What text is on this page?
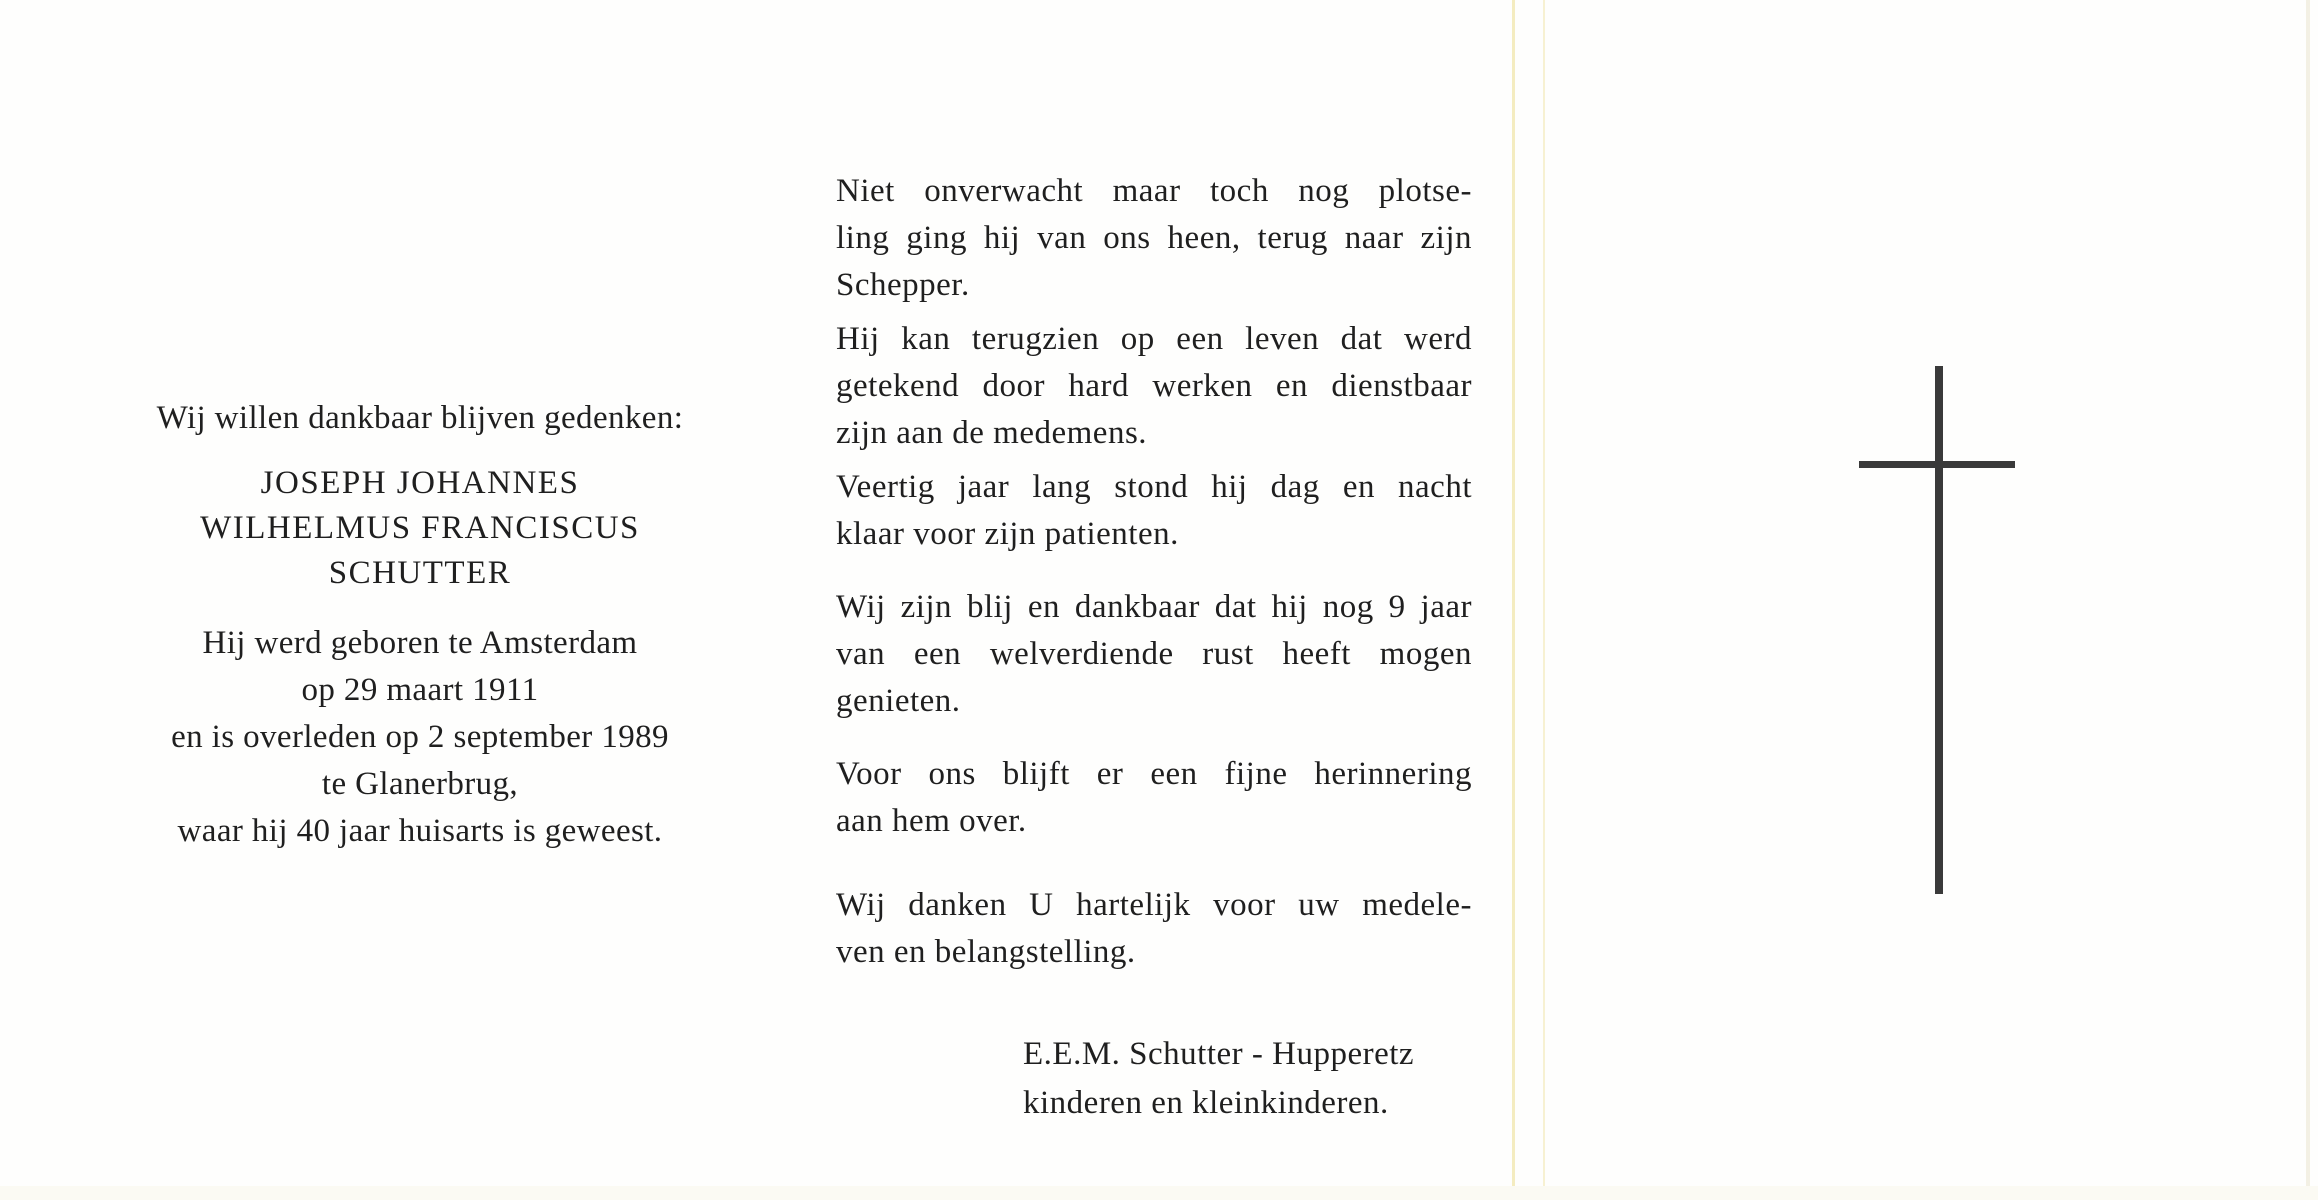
Wij willen dankbaar blijven gedenken:

JOSEPH JOHANNES

WILHELMUS FRANCISCUS

SCHUTTER

Hij werd geboren te Amsterdam

op 29 maart 1911

en is overleden op 2 september 1989

te Glanerbrug,

waar hij 40 jaar huisarts is geweest.

Niet onverwacht maar toch nog plotse-
ling ging hij van ons heen, terug naar zijn
Schepper.
Hij kan terugzien op een leven dat werd
getekend door hard werken en dienstbaar
zijn aan de medemens.
Veertig jaar lang stond hij dag en nacht
klaar voor zijn patienten.
Wij zijn blij en dankbaar dat hij nog 9 jaar
van een welverdiende rust heeft mogen
genieten.
Voor ons blijft er een fijne herinnering
aan hem over.
Wij danken U hartelijk voor uw medele-
ven en belangstelling.
E.E.M. Schutter - Hupperetz
kinderen en kleinkinderen.
